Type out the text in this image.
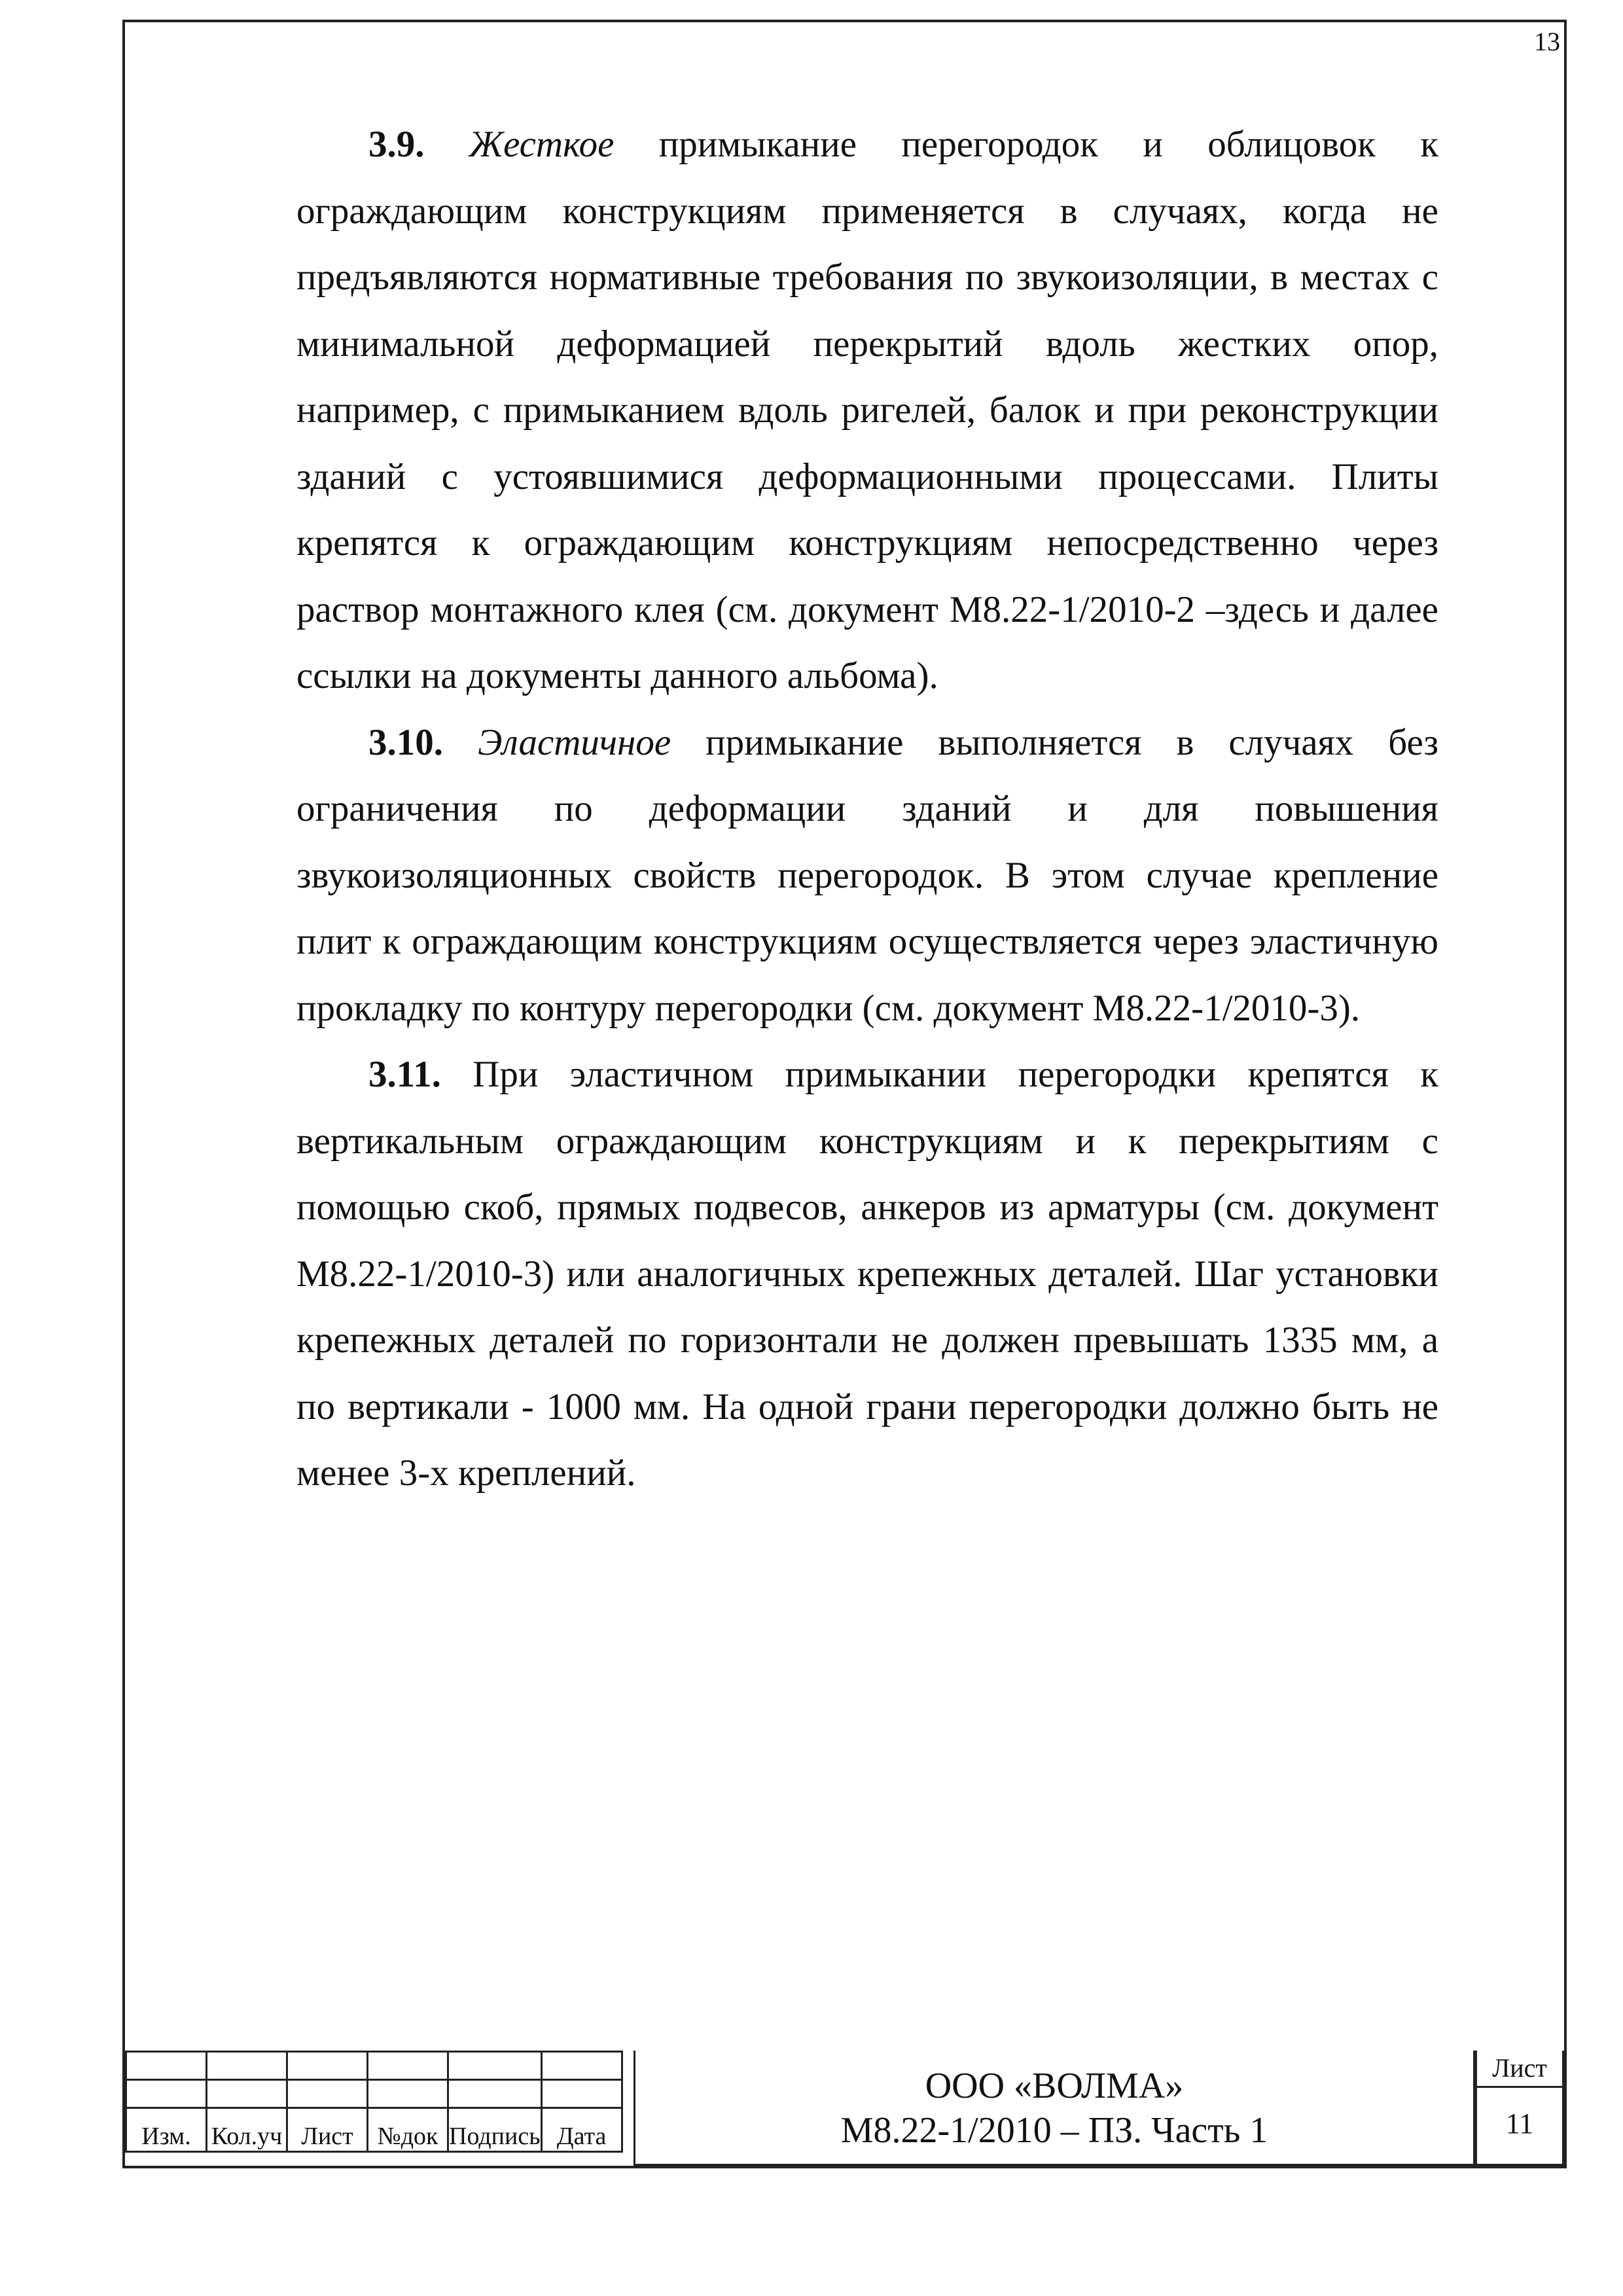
13

3.9. Жесткое примыкание перегородок и облицовок к ограждающим конструкциям применяется в случаях, когда не предъявляются нормативные требования по звукоизоляции, в местах с минимальной деформацией перекрытий вдоль жестких опор, например, с примыканием вдоль ригелей, балок и при реконструкции зданий с устоявшимися деформационными процессами. Плиты крепятся к ограждающим конструкциям непосредственно через раствор монтажного клея (см. документ М8.22-1/2010-2 –здесь и далее ссылки на документы данного альбома).

3.10. Эластичное примыкание выполняется в случаях без ограничения по деформации зданий и для повышения звукоизоляционных свойств перегородок. В этом случае крепление плит к ограждающим конструкциям осуществляется через эластичную прокладку по контуру перегородки (см. документ М8.22-1/2010-3).

3.11. При эластичном примыкании перегородки крепятся к вертикальным ограждающим конструкциям и к перекрытиям с помощью скоб, прямых подвесов, анкеров из арматуры (см. документ М8.22-1/2010-3) или аналогичных крепежных деталей. Шаг установки крепежных деталей по горизонтали не должен превышать 1335 мм, а по вертикали - 1000 мм. На одной грани перегородки должно быть не менее 3-х креплений.

Изм.	Кол.уч	Лист	№док	Подпись	Дата
ООО «ВОЛМА»
М8.22-1/2010 – ПЗ. Часть 1
Лист
11
